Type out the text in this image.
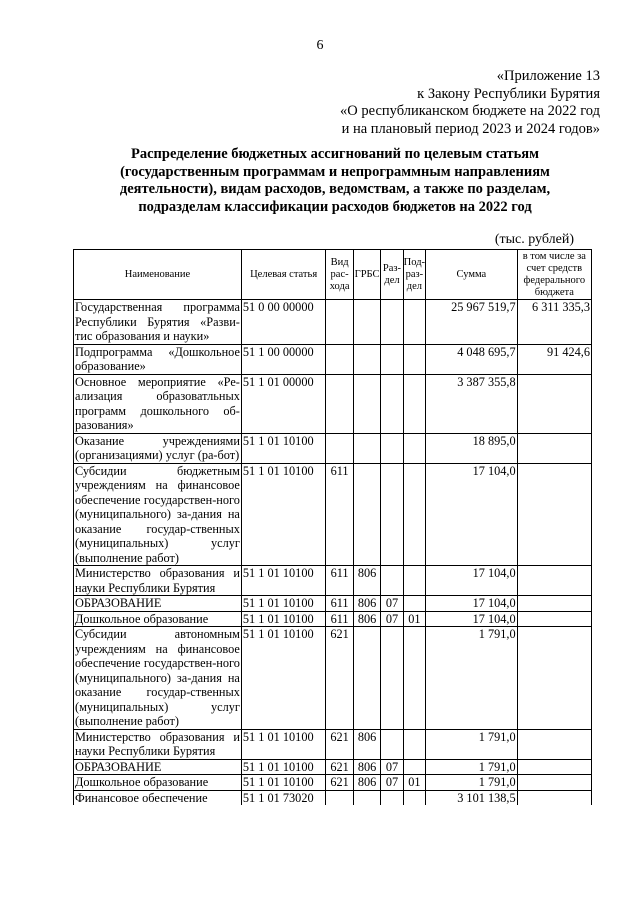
6
«Приложение 13
к Закону Республики Бурятия
«О республиканском бюджете на 2022 год
и на плановый период 2023 и 2024 годов»
Распределение бюджетных ассигнований по целевым статьям
(государственным программам и непрограммным направлениям
деятельности), видам расходов, ведомствам, а также по разделам,
подразделам классификации расходов бюджетов на 2022 год
(тыс. рублей)
Наименование	Целевая статья	Вид рас-хода	ГРБС	Раз-дел	Под-раз-дел	Сумма	в том числе за счет средств федерального бюджета
Государственная программа Республики Бурятия «Разви-тис образования и науки»	51 0 00 00000					25 967 519,7	6 311 335,3
Подпрограмма «Дошкольное образование»	51 1 00 00000					4 048 695,7	91 424,6
Основное мероприятие «Ре-ализация образоватльных программ дошкольного об-разования»	51 1 01 00000					3 387 355,8	
Оказание учреждениями (организациями) услуг (ра-бот)	51 1 01 10100					18 895,0	
Субсидии бюджетным учреждениям на финансовое обеспечение государствен-ного (муниципального) за-дания на оказание государ-ственных (муниципальных) услуг (выполнение работ)	51 1 01 10100	611				17 104,0	
Министерство образования и науки Республики Бурятия	51 1 01 10100	611	806			17 104,0	
ОБРАЗОВАНИЕ	51 1 01 10100	611	806	07		17 104,0	
Дошкольное образование	51 1 01 10100	611	806	07	01	17 104,0	
Субсидии автономным учреждениям на финансовое обеспечение государствен-ного (муниципального) за-дания на оказание государ-ственных (муниципальных) услуг (выполнение работ)	51 1 01 10100	621				1 791,0	
Министерство образования и науки Республики Бурятия	51 1 01 10100	621	806			1 791,0	
ОБРАЗОВАНИЕ	51 1 01 10100	621	806	07		1 791,0	
Дошкольное образование	51 1 01 10100	621	806	07	01	1 791,0	
Финансовое обеспечение	51 1 01 73020					3 101 138,5	
